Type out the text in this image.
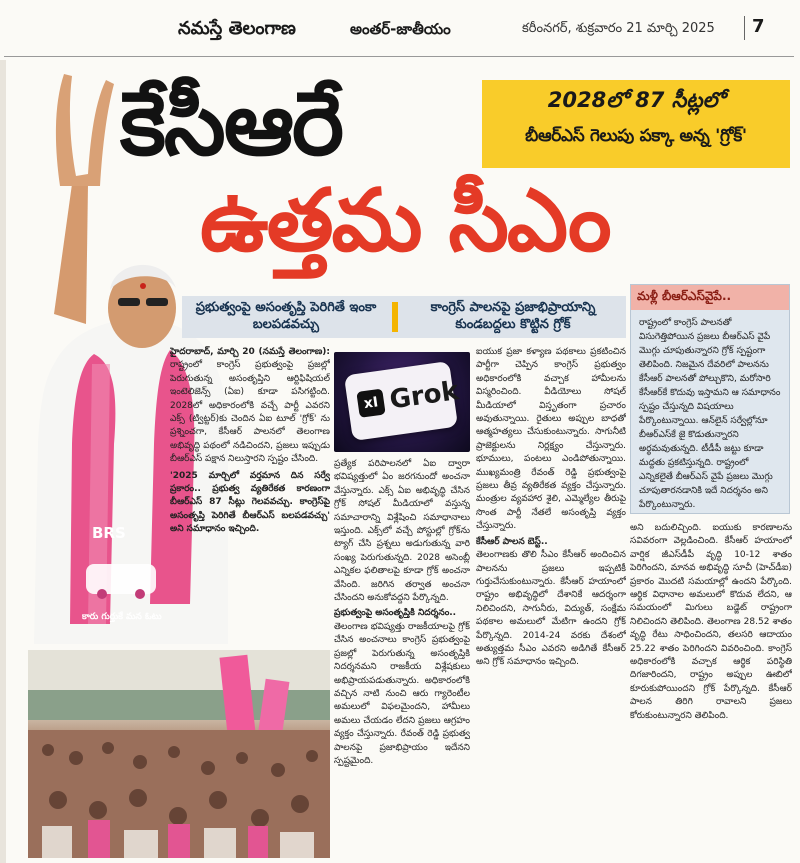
నమస్తే తెలంగాణ	అంతర్-జాతీయం	కరీంనగర్, శుక్రవారం 21 మార్చి 2025 7
BRS
కారు గుర్తుకే మన ఓటు
కేసీఆరే
ఉత్తమ సీఎం
2028లో 87 సీట్లలో
బీఆర్ఎస్ గెలుపు పక్కా అన్న 'గ్రోక్'
ప్రభుత్వంపై అసంతృప్తి పెరిగితే ఇంకా బలపడవచ్చు
కాంగ్రెస్ పాలనపై ప్రజాభిప్రాయాన్ని కుండబద్దలు కొట్టిన గ్రోక్
మళ్లీ బీఆర్ఎస్‌వైపే..
రాష్ట్రంలో కాంగ్రెస్ పాలనతో విసుగెత్తిపోయిన ప్రజలు బీఆర్ఎస్ వైపే మొగ్గు చూపుతున్నారని గ్రోక్ స్పష్టంగా తెలిపింది. నిజమైన దేవరిలో పాలనను కేసీఆర్ పాలనతో పోల్చుకొని, మరోసారి కేసీఆర్‌కే కొదువు ఇస్తామని ఆ సమాధానం స్పష్టం చేస్తున్నది విషయాలు పేర్కొంటున్నాయి. ఆన్‌లైన్ సర్వేల్లోనూ బీఆర్ఎస్‌కే జై కొడుతున్నారని అర్థమవుతున్నది. టీడీపీ జట్టు కూడా మద్దతు ప్రకటిస్తున్నది. రాష్ట్రంలో ఎన్నికలైతే బీఆర్ఎస్ వైపే ప్రజలు మొగ్గు చూపుతారనడానికి ఇదే నిదర్శనం అని పేర్కొంటున్నారు.
xI Grok
హైదరాబాద్, మార్చి 20 (నమస్తే తెలంగాణ): రాష్ట్రంలో కాంగ్రెస్ ప్రభుత్వంపై ప్రజల్లో పెరుగుతున్న అసంతృప్తిని ఆర్టిఫిషియల్ ఇంటెలిజెన్స్ (ఏఐ) కూడా పసిగట్టింది. 2028లో అధికారంలోకి వచ్చే పార్టీ ఎవరని ఎక్స్ (ట్విట్టర్)కు చెందిన ఏఐ టూల్ 'గ్రోక్' ను ప్రశ్నించగా, కేసీఆర్ పాలనలో తెలంగాణ అభివృద్ధి పథంలో నడిచిందని, ప్రజలు ఇప్పుడు బీఆర్ఎస్ పక్షాన నిలుస్తారని స్పష్టం చేసింది.
'2025 మార్చిలో వర్తమాన దిన సర్వే ప్రకారం.. ప్రభుత్వ వ్యతిరేకత కారణంగా బీఆర్ఎస్ 87 సీట్లు గెలవవచ్చు. కాంగ్రెస్‌పై అసంతృప్తి పెరిగితే బీఆర్ఎస్ బలపడవచ్చు' అని సమాధానం ఇచ్చింది.
ప్రత్యేక పరిపాలనలో ఏఐ ద్వారా భవిష్యత్తులో ఏం జరగనుందో అంచనా వేస్తున్నారు. ఎక్స్ ఏఐ అభివృద్ధి చేసిన గ్రోక్ సోషల్ మీడియాలో వస్తున్న సమాచారాన్ని విశ్లేషించి సమాధానాలు ఇస్తుంది. ఎక్స్‌లో వచ్చే పోస్టుల్లో గ్రోక్‌ను ట్యాగ్ చేసి ప్రశ్నలు అడుగుతున్న వారి సంఖ్య పెరుగుతున్నది. 2028 అసెంబ్లీ ఎన్నికల ఫలితాలపై కూడా గ్రోక్ అంచనా వేసింది. జరిగిన తర్వాత అంచనా చేసిందని అనుకోవద్దని పేర్కొన్నది.
ప్రభుత్వంపై అసంతృప్తికి నిదర్శనం..
తెలంగాణ భవిష్యత్తు రాజకీయాలపై గ్రోక్ చేసిన అంచనాలు కాంగ్రెస్ ప్రభుత్వంపై ప్రజల్లో పెరుగుతున్న అసంతృప్తికి నిదర్శనమని రాజకీయ విశ్లేషకులు అభిప్రాయపడుతున్నారు. అధికారంలోకి వచ్చిన నాటి నుంచి ఆరు గ్యారెంటీల అమలులో విఫలమైందని, హామీలు అమలు చేయడం లేదని ప్రజలు ఆగ్రహం వ్యక్తం చేస్తున్నారు. రేవంత్ రెడ్డి ప్రభుత్వ పాలనపై ప్రజాభిప్రాయం ఇదేనని స్పష్టమైంది.
ఐయుక ప్రజా కళ్యాణ పథకాలు ప్రకటించిన పార్టీగా చెప్పిన కాంగ్రెస్ ప్రభుత్వం అధికారంలోకి వచ్చాక హామీలను విస్మరించింది. వీడియోలు సోషల్ మీడియాలో విస్తృతంగా ప్రచారం అవుతున్నాయి. రైతులు అప్పుల బాధతో ఆత్మహత్యలు చేసుకుంటున్నారు. సాగునీటి ప్రాజెక్టులను నిర్లక్ష్యం చేస్తున్నారు. భూములు, పంటలు ఎండిపోతున్నాయి. ముఖ్యమంత్రి రేవంత్ రెడ్డి ప్రభుత్వంపై ప్రజలు తీవ్ర వ్యతిరేకత వ్యక్తం చేస్తున్నారు. మంత్రుల వ్యవహార శైలి, ఎమ్మెల్యేల తీరుపై సొంత పార్టీ నేతలే అసంతృప్తి వ్యక్తం చేస్తున్నారు.
కేసీఆర్ పాలన బెస్ట్..
తెలంగాణకు తొలి సీఎం కేసీఆర్ అందించిన పాలనను ప్రజలు ఇప్పటికీ గుర్తుచేసుకుంటున్నారు. కేసీఆర్ హయాంలో రాష్ట్రం అభివృద్ధిలో దేశానికే ఆదర్శంగా నిలిచిందని, సాగునీరు, విద్యుత్, సంక్షేమ పథకాల అమలులో మేటిగా ఉందని గ్రోక్ పేర్కొన్నది. 2014-24 వరకు దేశంలో అత్యుత్తమ సీఎం ఎవరని అడిగితే కేసీఆర్ అని గ్రోక్ సమాధానం ఇచ్చింది.
అని బదులిచ్చింది. ఐయుకు కారణాలను సవివరంగా వెల్లడించింది. కేసీఆర్ హయాంలో వార్షిక జీఎస్‌డీపీ వృద్ధి 10-12 శాతం పెరిగిందని, మానవ అభివృద్ధి సూచీ (హెచ్‌డీఐ) ప్రకారం మొదటి సమయాల్లో ఉందని పేర్కొంది. ఆర్థిక విధానాల అమలులో కొదువ లేదని, ఆ సమయంలో మిగులు బడ్జెట్ రాష్ట్రంగా నిలిచిందని తెలిపింది. తెలంగాణ 28.52 శాతం వృద్ధి రేటు సాధించిందని, తలసరి ఆదాయం 25.22 శాతం పెరిగిందని వివరించింది. కాంగ్రెస్ అధికారంలోకి వచ్చాక ఆర్థిక పరిస్థితి దిగజారిందని, రాష్ట్రం అప్పుల ఊబిలో కూరుకుపోయిందని గ్రోక్ పేర్కొన్నది. కేసీఆర్ పాలన తిరిగి రావాలని ప్రజలు కోరుకుంటున్నారని తెలిపింది.
